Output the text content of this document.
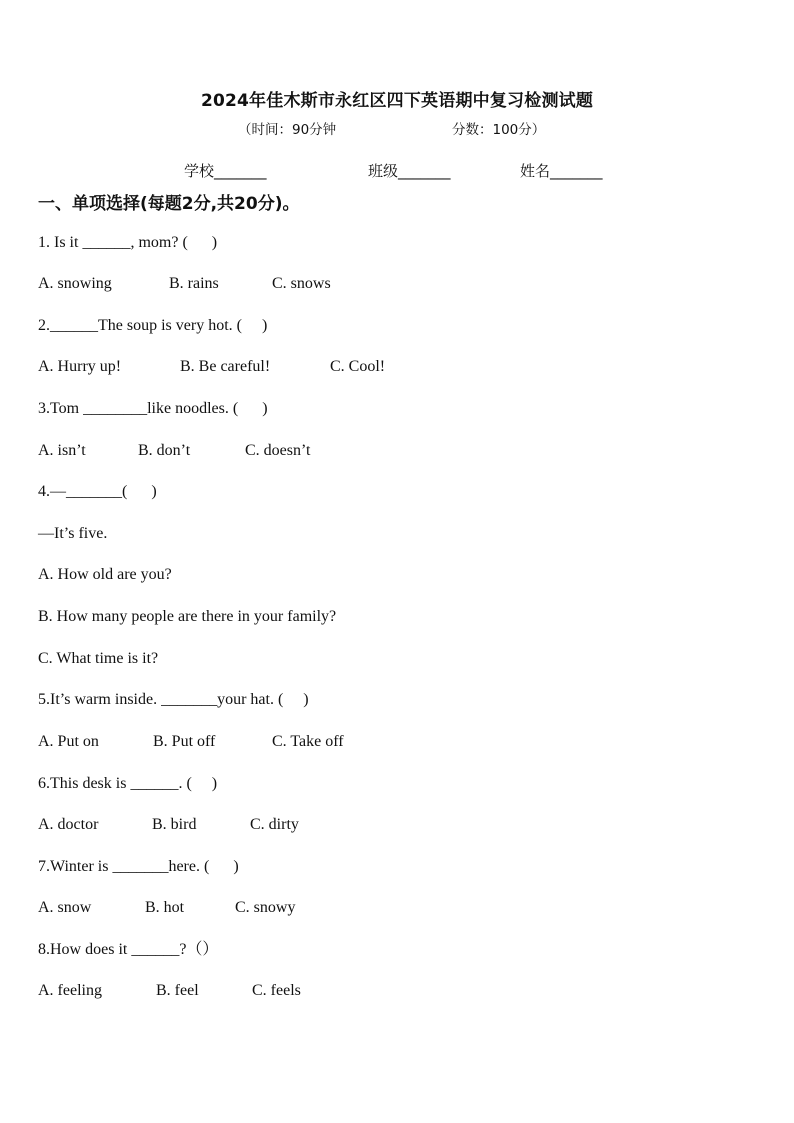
2024年佳木斯市永红区四下英语期中复习检测试题
（时间：90分钟	分数：100分）
学校_______	班级_______	姓名_______
一、单项选择(每题2分,共20分)。
1. Is it ______, mom? (      )
A. snowing	B. rains	C. snows
2.______The soup is very hot. (     )
A. Hurry up!	B. Be careful!	C. Cool!
3.Tom ________like noodles. (      )
A. isn’t	B. don’t	C. doesn’t
4.—_______(      )
—It’s five.
A. How old are you?
B. How many people are there in your family?
C. What time is it?
5.It’s warm inside. _______your hat. (     )
A. Put on	B. Put off	C. Take off
6.This desk is ______. (     )
A. doctor	B. bird	C. dirty
7.Winter is _______here. (      )
A. snow	B. hot	C. snowy
8.How does it ______?（）
A. feeling	B. feel	C. feels
